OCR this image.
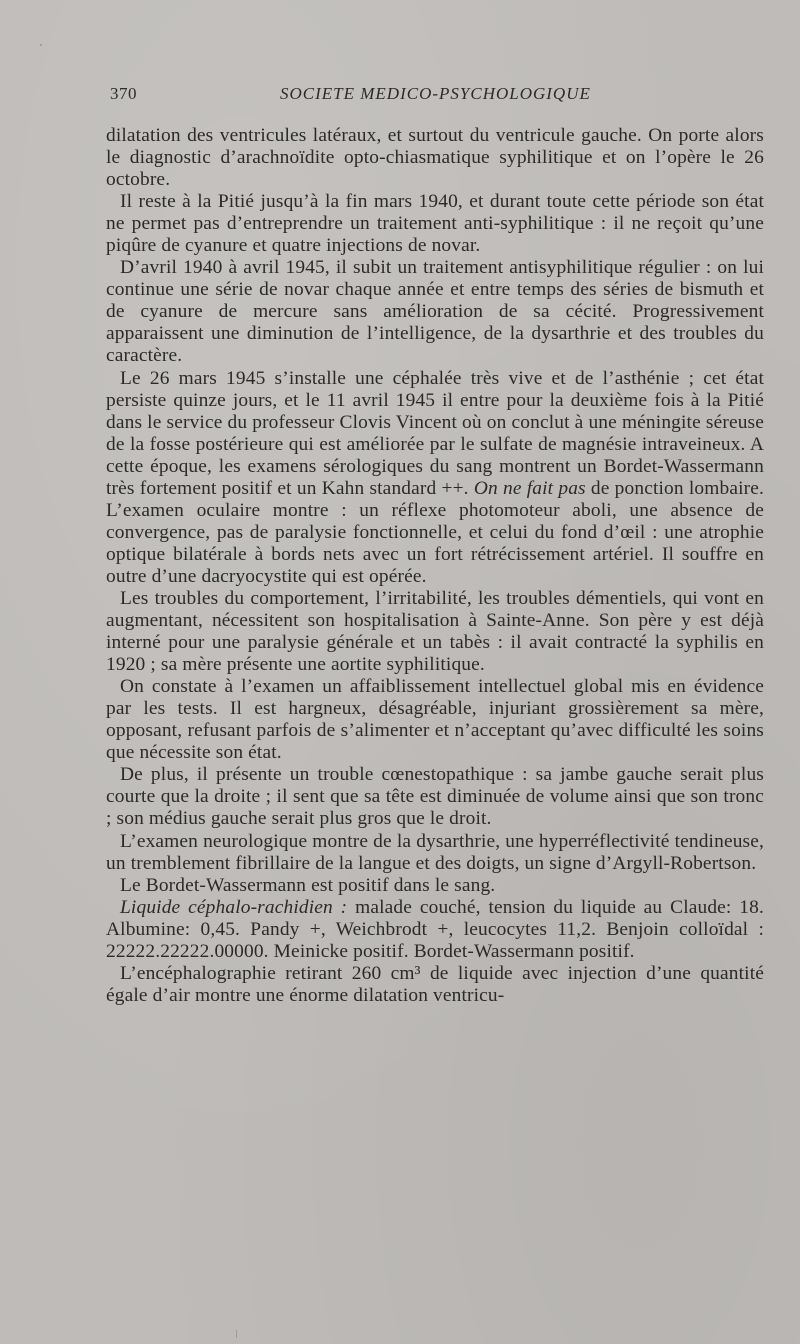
370	SOCIETE MEDICO-PSYCHOLOGIQUE

dilatation des ventricules latéraux, et surtout du ventricule gauche. On porte alors le diagnostic d’arachnoïdite opto-chiasmatique syphilitique et on l’opère le 26 octobre.

Il reste à la Pitié jusqu’à la fin mars 1940, et durant toute cette période son état ne permet pas d’entreprendre un traitement anti-syphilitique : il ne reçoit qu’une piqûre de cyanure et quatre injections de novar.

D’avril 1940 à avril 1945, il subit un traitement antisyphilitique régulier : on lui continue une série de novar chaque année et entre temps des séries de bismuth et de cyanure de mercure sans amélioration de sa cécité. Progressivement apparaissent une diminution de l’intelligence, de la dysarthrie et des troubles du caractère.

Le 26 mars 1945 s’installe une céphalée très vive et de l’asthénie ; cet état persiste quinze jours, et le 11 avril 1945 il entre pour la deuxième fois à la Pitié dans le service du professeur Clovis Vincent où on conclut à une méningite séreuse de la fosse postérieure qui est améliorée par le sulfate de magnésie intraveineux. A cette époque, les examens sérologiques du sang montrent un Bordet-Wassermann très fortement positif et un Kahn standard ++. On ne fait pas de ponction lombaire. L’examen oculaire montre : un réflexe photomoteur aboli, une absence de convergence, pas de paralysie fonctionnelle, et celui du fond d’œil : une atrophie optique bilatérale à bords nets avec un fort rétrécissement artériel. Il souffre en outre d’une dacryocystite qui est opérée.

Les troubles du comportement, l’irritabilité, les troubles démentiels, qui vont en augmentant, nécessitent son hospitalisation à Sainte-Anne. Son père y est déjà interné pour une paralysie générale et un tabès : il avait contracté la syphilis en 1920 ; sa mère présente une aortite syphilitique.

On constate à l’examen un affaiblissement intellectuel global mis en évidence par les tests. Il est hargneux, désagréable, injuriant grossièrement sa mère, opposant, refusant parfois de s’alimenter et n’acceptant qu’avec difficulté les soins que nécessite son état.

De plus, il présente un trouble cœnestopathique : sa jambe gauche serait plus courte que la droite ; il sent que sa tête est diminuée de volume ainsi que son tronc ; son médius gauche serait plus gros que le droit.

L’examen neurologique montre de la dysarthrie, une hyperréflectivité tendineuse, un tremblement fibrillaire de la langue et des doigts, un signe d’Argyll-Robertson.

Le Bordet-Wassermann est positif dans le sang.

Liquide céphalo-rachidien : malade couché, tension du liquide au Claude: 18. Albumine: 0,45. Pandy +, Weichbrodt +, leucocytes 11,2. Benjoin colloïdal : 22222.22222.00000. Meinicke positif. Bordet-Wassermann positif.

L’encéphalographie retirant 260 cm³ de liquide avec injection d’une quantité égale d’air montre une énorme dilatation ventricu-
